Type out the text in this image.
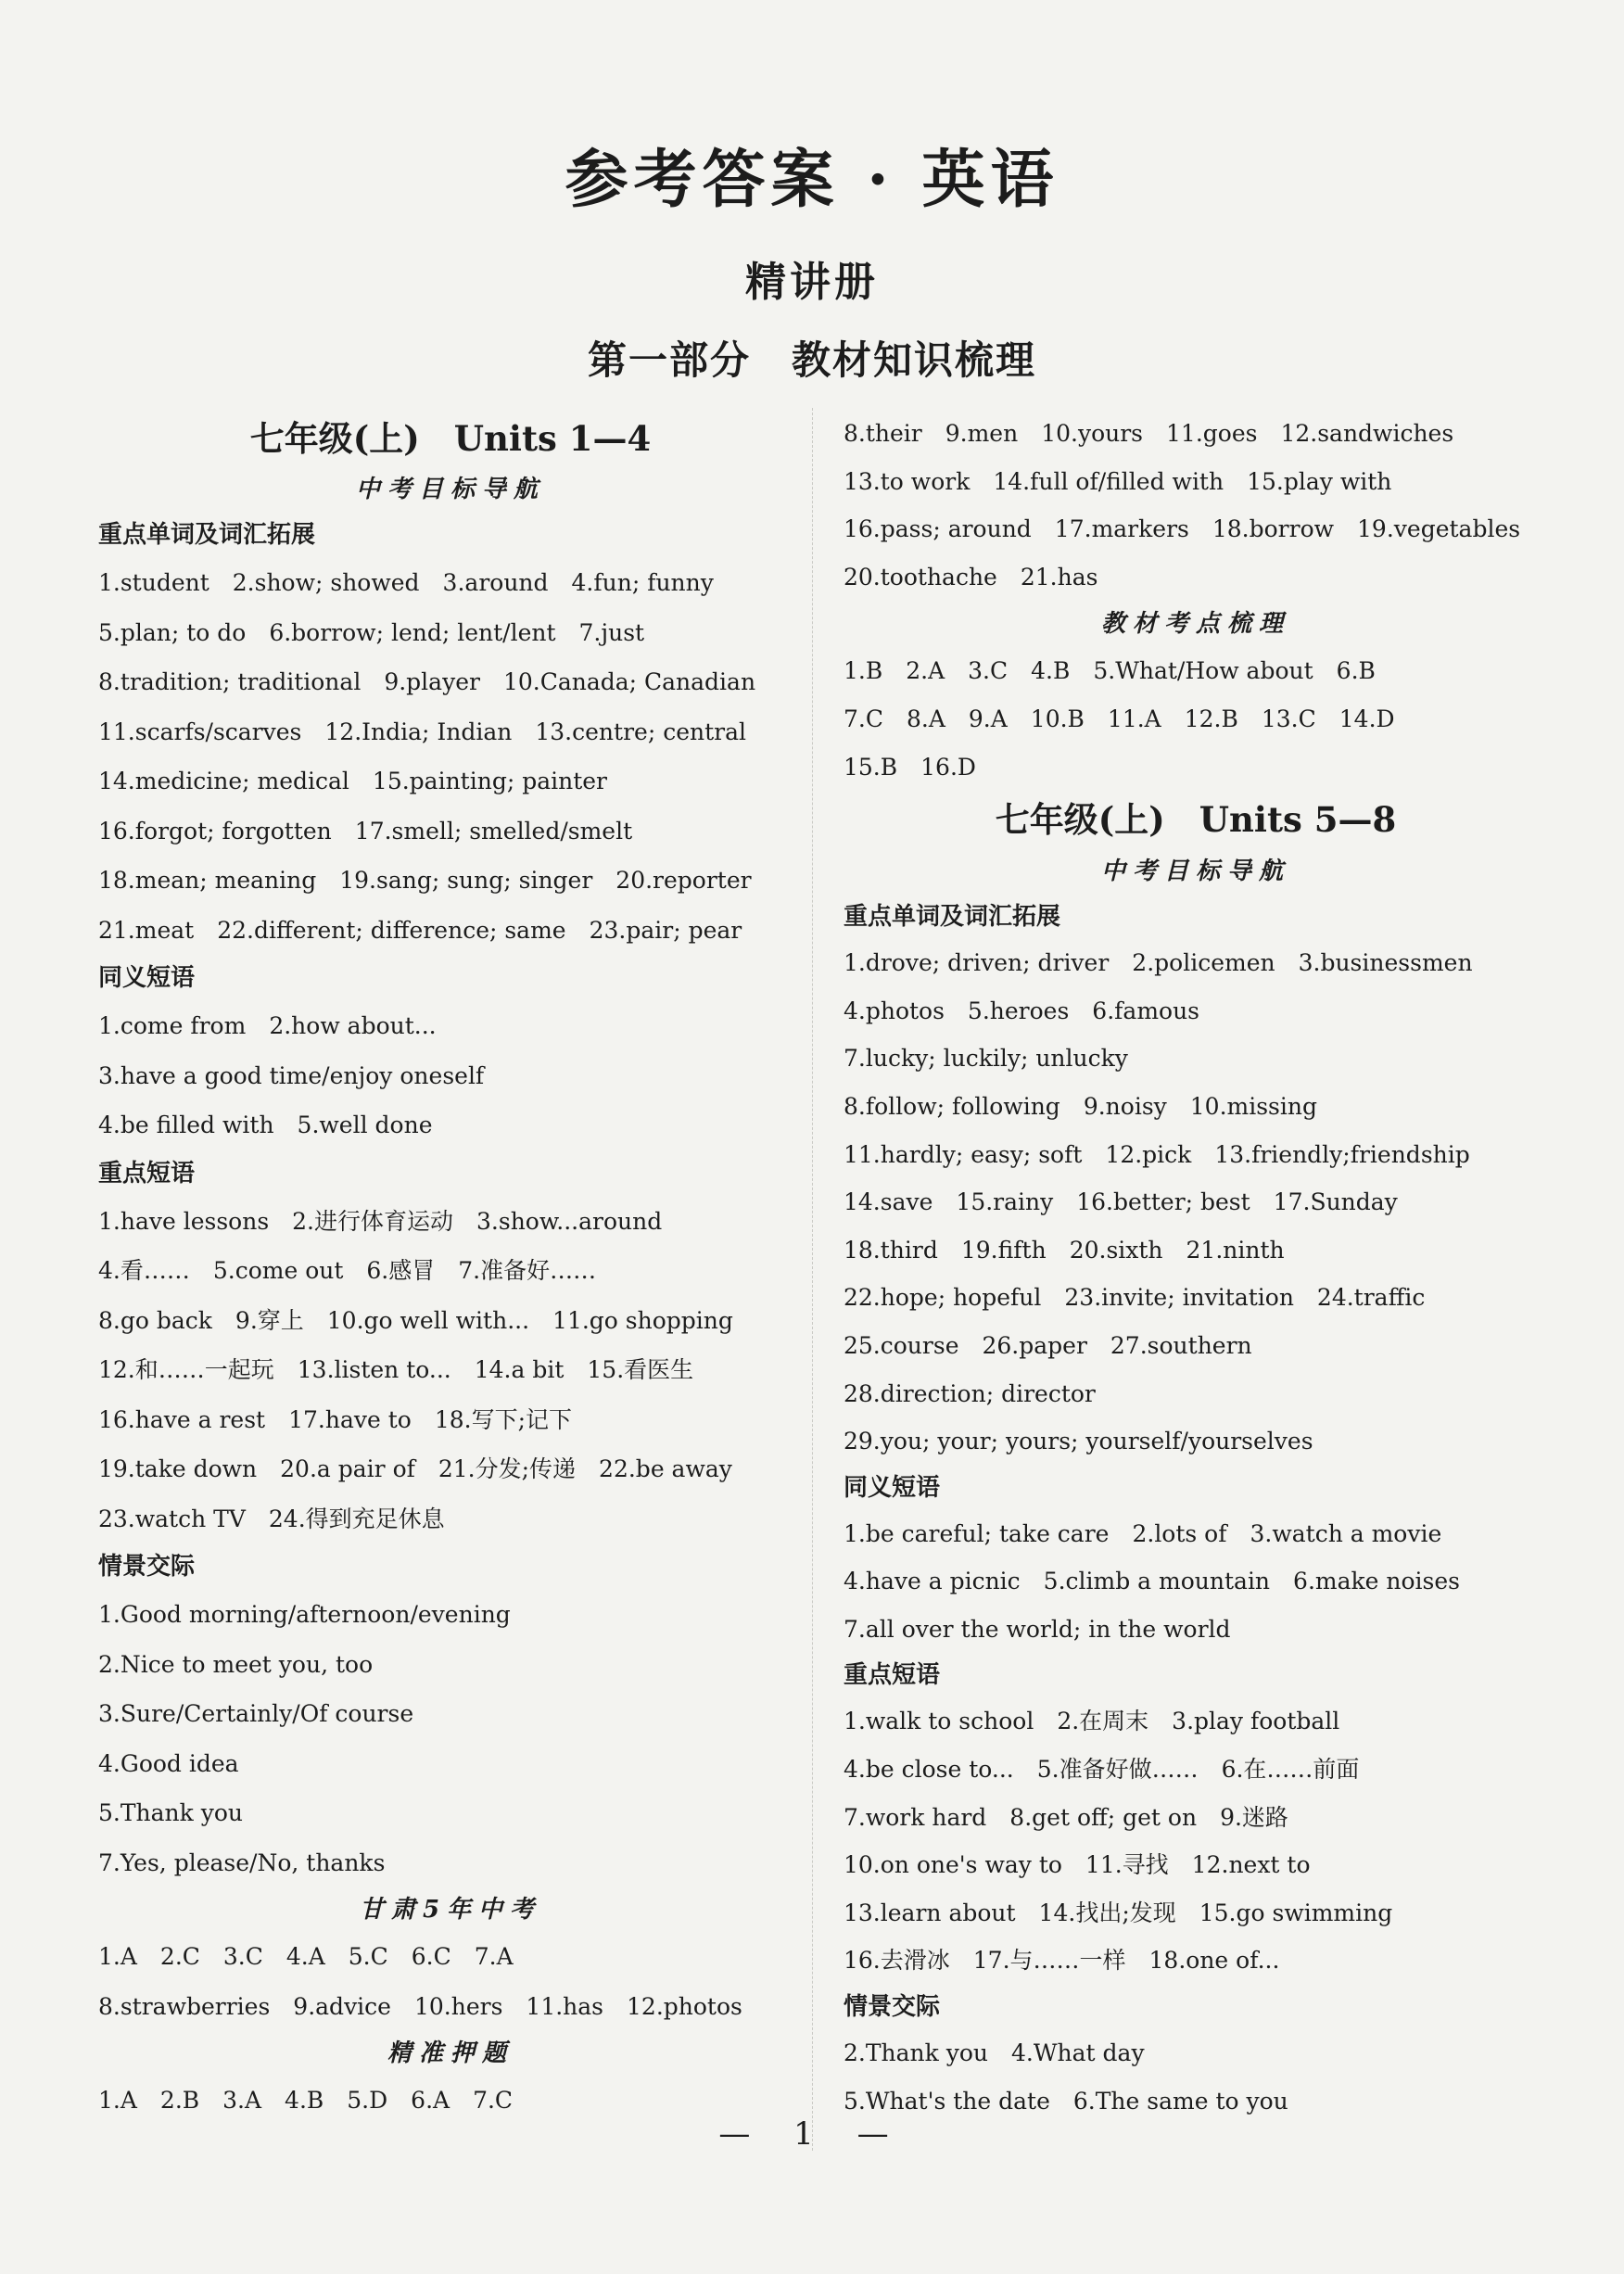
参考答案 · 英语
精讲册
第一部分　教材知识梳理
七年级(上)　Units 1—4
中考目标导航
重点单词及词汇拓展
1.student　2.show; showed　3.around　4.fun; funny
5.plan; to do　6.borrow; lend; lent/lent　7.just
8.tradition; traditional　9.player　10.Canada; Canadian
11.scarfs/scarves　12.India; Indian　13.centre; central
14.medicine; medical　15.painting; painter
16.forgot; forgotten　17.smell; smelled/smelt
18.mean; meaning　19.sang; sung; singer　20.reporter
21.meat　22.different; difference; same　23.pair; pear
同义短语
1.come from　2.how about...
3.have a good time/enjoy oneself
4.be filled with　5.well done
重点短语
1.have lessons　2.进行体育运动　3.show...around
4.看……　5.come out　6.感冒　7.准备好……
8.go back　9.穿上　10.go well with...　11.go shopping
12.和……一起玩　13.listen to...　14.a bit　15.看医生
16.have a rest　17.have to　18.写下;记下
19.take down　20.a pair of　21.分发;传递　22.be away
23.watch TV　24.得到充足休息
情景交际
1.Good morning/afternoon/evening
2.Nice to meet you, too
3.Sure/Certainly/Of course
4.Good idea
5.Thank you
7.Yes, please/No, thanks
甘肃5年中考
1.A　2.C　3.C　4.A　5.C　6.C　7.A
8.strawberries　9.advice　10.hers　11.has　12.photos
精准押题
1.A　2.B　3.A　4.B　5.D　6.A　7.C
8.their　9.men　10.yours　11.goes　12.sandwiches
13.to work　14.full of/filled with　15.play with
16.pass; around　17.markers　18.borrow　19.vegetables
20.toothache　21.has
教材考点梳理
1.B　2.A　3.C　4.B　5.What/How about　6.B
7.C　8.A　9.A　10.B　11.A　12.B　13.C　14.D
15.B　16.D
七年级(上)　Units 5—8
中考目标导航
重点单词及词汇拓展
1.drove; driven; driver　2.policemen　3.businessmen
4.photos　5.heroes　6.famous
7.lucky; luckily; unlucky
8.follow; following　9.noisy　10.missing
11.hardly; easy; soft　12.pick　13.friendly;friendship
14.save　15.rainy　16.better; best　17.Sunday
18.third　19.fifth　20.sixth　21.ninth
22.hope; hopeful　23.invite; invitation　24.traffic
25.course　26.paper　27.southern
28.direction; director
29.you; your; yours; yourself/yourselves
同义短语
1.be careful; take care　2.lots of　3.watch a movie
4.have a picnic　5.climb a mountain　6.make noises
7.all over the world; in the world
重点短语
1.walk to school　2.在周末　3.play football
4.be close to...　5.准备好做……　6.在……前面
7.work hard　8.get off; get on　9.迷路
10.on one's way to　11.寻找　12.next to
13.learn about　14.找出;发现　15.go swimming
16.去滑冰　17.与……一样　18.one of...
情景交际
2.Thank you　4.What day
5.What's the date　6.The same to you
— 1 —
